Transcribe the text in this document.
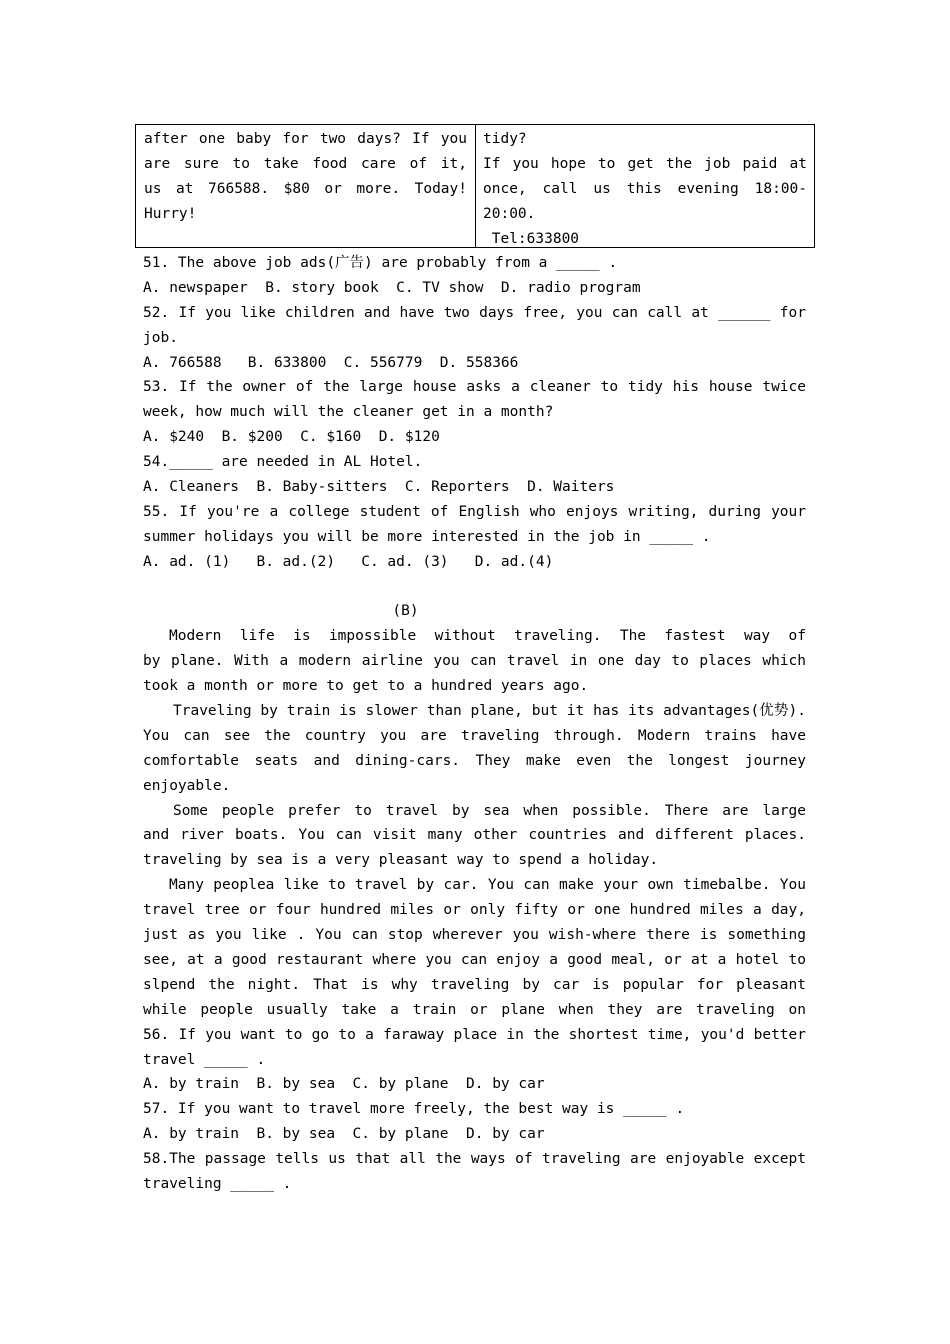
after one baby for two days? If you
are sure to take food care of it,
us at 766588. $80 or more. Today!
Hurry!
tidy?
If you hope to get the job paid at
once, call us this evening 18:00-
20:00.
Tel:633800
51. The above job ads(广告) are probably from a _____ .
A. newspaper  B. story book  C. TV show  D. radio program
52. If you like children and have two days free, you can call at ______ for
job.
A. 766588   B. 633800  C. 556779  D. 558366
53. If the owner of the large house asks a cleaner to tidy his house twice
week, how much will the cleaner get in a month?
A. $240  B. $200  C. $160  D. $120
54._____ are needed in AL Hotel.
A. Cleaners  B. Baby-sitters  C. Reporters  D. Waiters
55. If you're a college student of English who enjoys writing, during your
summer holidays you will be more interested in the job in _____ .
A. ad. (1)   B. ad.(2)   C. ad. (3)   D. ad.(4)
(B)
Modern life is impossible without traveling. The fastest way of
by plane. With a modern airline you can travel in one day to places which
took a month or more to get to a hundred years ago.
Traveling by train is slower than plane, but it has its advantages(优势).
You can see the country you are traveling through. Modern trains have
comfortable seats and dining-cars. They make even the longest journey
enjoyable.
Some people prefer to travel by sea when possible. There are large
and river boats. You can visit many other countries and different places.
traveling by sea is a very pleasant way to spend a holiday.
Many peoplea like to travel by car. You can make your own timebalbe. You
travel tree or four hundred miles or only fifty or one hundred miles a day,
just as you like . You can stop wherever you wish-where there is something
see, at a good restaurant where you can enjoy a good meal, or at a hotel to
slpend the night. That is why traveling by car is popular for pleasant
while people usually take a train or plane when they are traveling on
56. If you want to go to a faraway place in the shortest time, you'd better
travel _____ .
A. by train  B. by sea  C. by plane  D. by car
57. If you want to travel more freely, the best way is _____ .
A. by train  B. by sea  C. by plane  D. by car
58.The passage tells us that all the ways of traveling are enjoyable except
traveling _____ .
